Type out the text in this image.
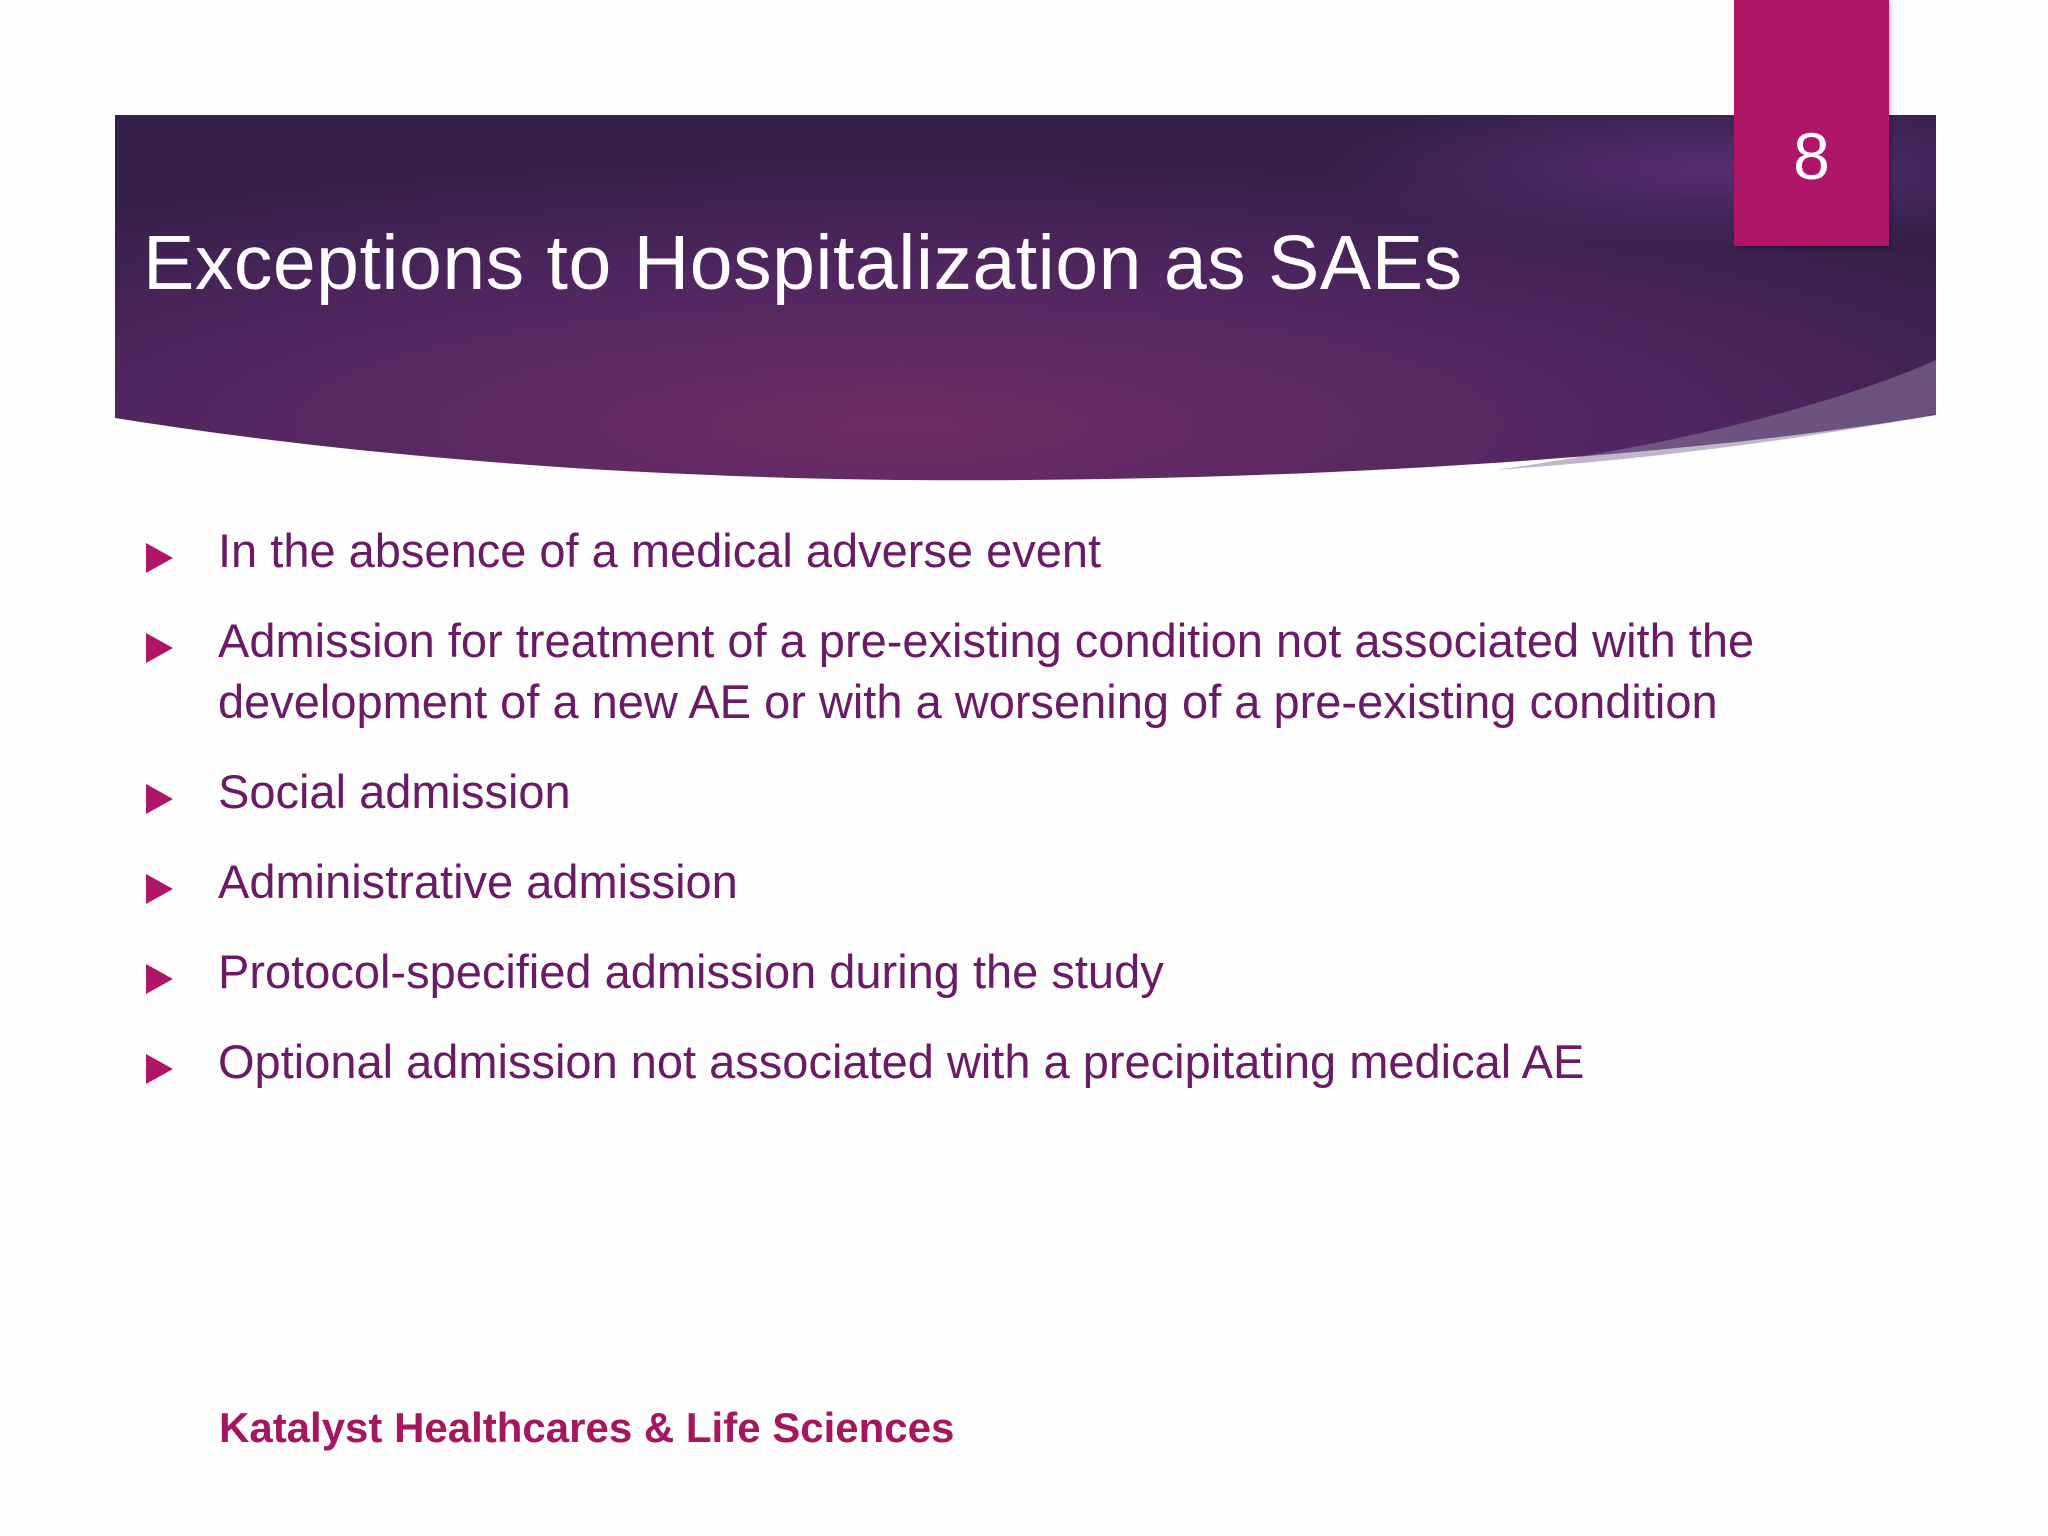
Exceptions to Hospitalization as SAEs
8
In the absence of a medical adverse event
Admission for treatment of a pre-existing condition not associated with the development of a new AE or with a worsening of a pre-existing condition
Social admission
Administrative admission
Protocol-specified admission during the study
Optional admission not associated with a precipitating medical AE
Katalyst Healthcares & Life Sciences
